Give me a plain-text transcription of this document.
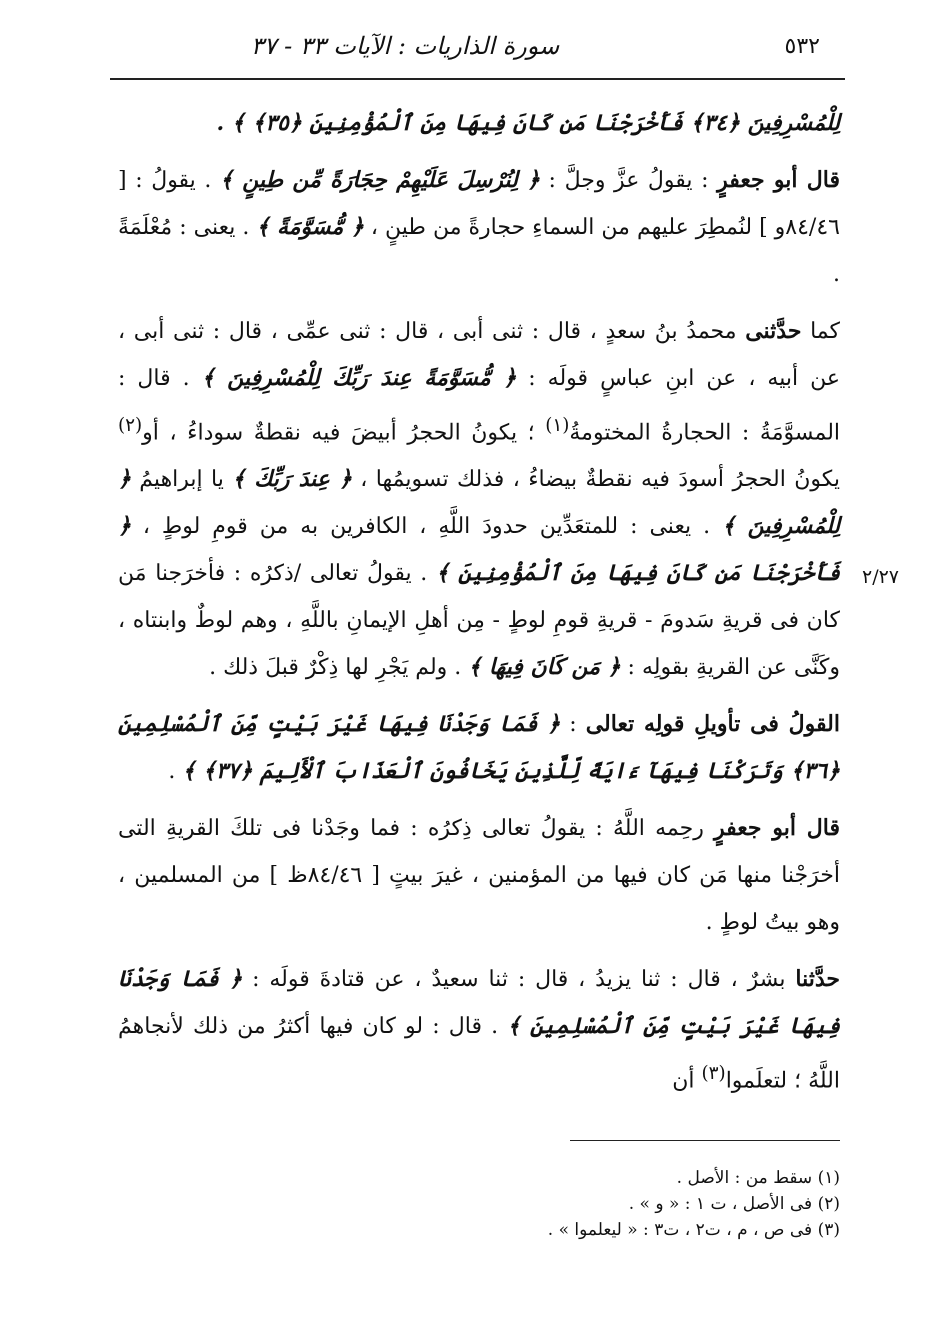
٥٣٢
سورة الذاريات : الآيات ٣٣ - ٣٧
٢/٢٧

لِلْمُسْرِفِينَ ﴿٣٤﴾ فَأَخْرَجْنَا مَن كَانَ فِيهَا مِنَ ٱلْمُؤْمِنِينَ ﴿٣٥﴾ ﴾ .

قال أبو جعفرٍ : يقولُ عزَّ وجلَّ : ﴿ لِنُرْسِلَ عَلَيْهِمْ حِجَارَةً مِّن طِينٍ ﴾ . يقولُ : [ ٨٤/٤٦و ] لنُمطِرَ عليهم من السماءِ حجارةً من طينٍ ، ﴿ مُّسَوَّمَةً ﴾ . يعنى : مُعْلَمَةً .

كما حدَّثنى محمدُ بنُ سعدٍ ، قال : ثنى أبى ، قال : ثنى عمِّى ، قال : ثنى أبى ، عن أبيه ، عن ابنِ عباسٍ قولَه : ﴿ مُّسَوَّمَةً عِندَ رَبِّكَ لِلْمُسْرِفِينَ ﴾ . قال : المسوَّمَةُ : الحجارةُ المختومةُ$^{(١)}$ ؛ يكونُ الحجرُ أبيضَ فيه نقطةٌ سوداءُ ، أو$^{(٢)}$ يكونُ الحجرُ أسودَ فيه نقطةٌ بيضاءُ ، فذلك تسويمُها ، ﴿ عِندَ رَبِّكَ ﴾ يا إبراهيمُ ﴿ لِلْمُسْرِفِينَ ﴾ . يعنى : للمتعَدِّين حدودَ اللَّهِ ، الكافرين به من قومِ لوطٍ ، ﴿ فَأَخْرَجْنَا مَن كَانَ فِيهَا مِنَ ٱلْمُؤْمِنِينَ ﴾ . يقولُ تعالى /ذكرُه : فأخرَجنا مَن كان فى قريةِ سَدومَ - قريةِ قومِ لوطٍ - مِن أهلِ الإيمانِ باللَّهِ ، وهم لوطٌ وابنتاه ، وكَنَّى عن القريةِ بقولِه : ﴿ مَن كَانَ فِيهَا ﴾ . ولم يَجْرِ لها ذِكْرٌ قبلَ ذلك .

القولُ فى تأويلِ قولِه تعالى : ﴿ فَمَا وَجَدْنَا فِيهَا غَيْرَ بَيْتٍ مِّنَ ٱلْمُسْلِمِينَ ﴿٣٦﴾ وَتَرَكْنَا فِيهَآ ءَايَةً لِّلَّذِينَ يَخَافُونَ ٱلْعَذَابَ ٱلْأَلِيمَ ﴿٣٧﴾ ﴾ .

قال أبو جعفرٍ رحِمه اللَّهُ : يقولُ تعالى ذِكرُه : فما وجَدْنا فى تلكَ القريةِ التى أخرَجْنا منها مَن كان فيها من المؤمنين ، غيرَ بيتٍ [ ٨٤/٤٦ظ ] من المسلمين ، وهو بيتُ لوطٍ .

حدَّثنا بشرٌ ، قال : ثنا يزيدُ ، قال : ثنا سعيدٌ ، عن قتادةَ قولَه : ﴿ فَمَا وَجَدْنَا فِيهَا غَيْرَ بَيْتٍ مِّنَ ٱلْمُسْلِمِينَ ﴾ . قال : لو كان فيها أكثرُ من ذلك لأنجاهمُ اللَّهُ ؛ لتعلَموا$^{(٣)}$ أن

(١) سقط من : الأصل .
(٢) فى الأصل ، ت ١ : « و » .
(٣) فى ص ، م ، ت٢ ، ت٣ : « ليعلموا » .
